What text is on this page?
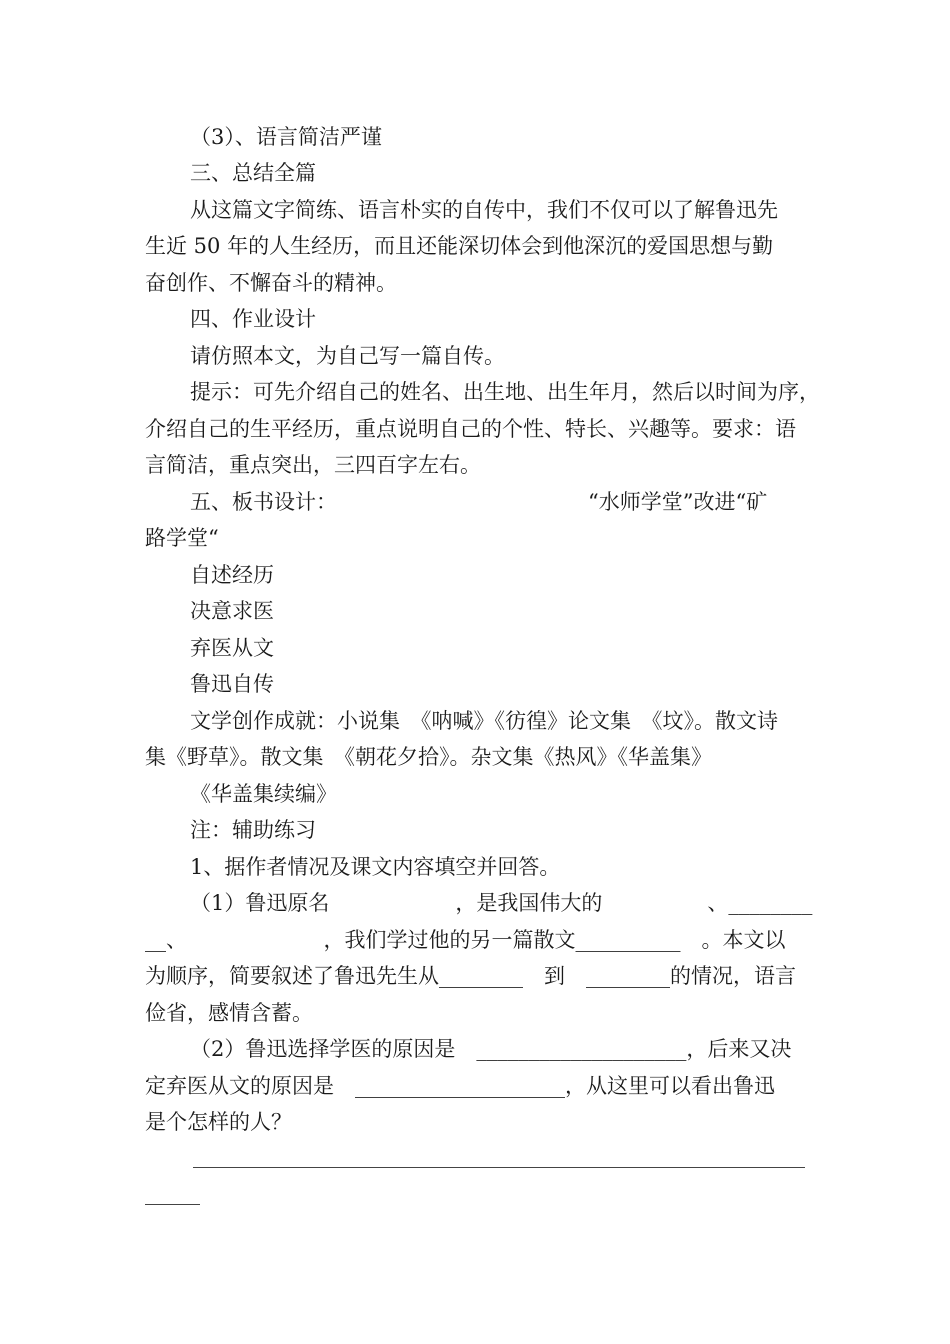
（3）、语言简洁严谨
三、总结全篇
从这篇文字简练、语言朴实的自传中，我们不仅可以了解鲁迅先
生近 50 年的人生经历，而且还能深切体会到他深沉的爱国思想与勤
奋创作、不懈奋斗的精神。
四、作业设计
请仿照本文，为自己写一篇自传。
提示：可先介绍自己的姓名、出生地、出生年月，然后以时间为序，
介绍自己的生平经历，重点说明自己的个性、特长、兴趣等。要求：语
言简洁，重点突出，三四百字左右。
五、板书设计：	“水师学堂”改进“矿
路学堂“
自述经历
决意求医
弃医从文
鲁迅自传
文学创作成就：小说集　《呐喊》《彷徨》论文集　《坟》。散文诗
集《野草》。散文集　《朝花夕拾》。杂文集《热风》《华盖集》
《华盖集续编》
注：辅助练习
1、据作者情况及课文内容填空并回答。
（1）鲁迅原名　　　　　　，是我国伟大的　　　　　、________
__、　　　　　　　，我们学过他的另一篇散文__________　。本文以
为顺序，简要叙述了鲁迅先生从________　到　________的情况，语言
俭省，感情含蓄。
（2）鲁迅选择学医的原因是　____________________，后来又决
定弃医从文的原因是　____________________，从这里可以看出鲁迅
是个怎样的人？
